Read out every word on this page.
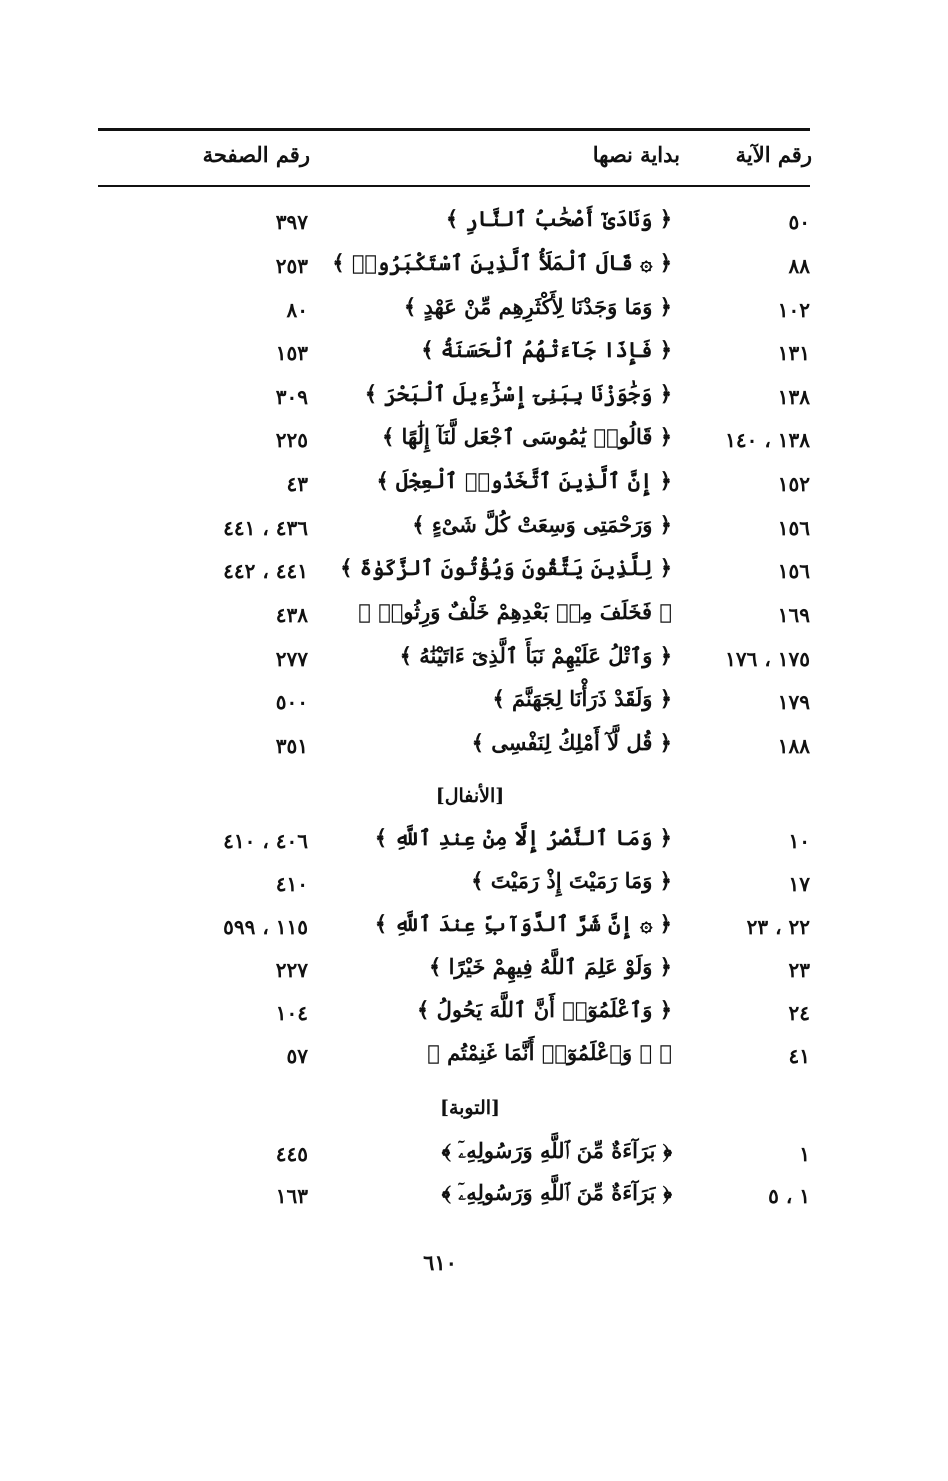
رقم الآية
بداية نصها
رقم الصفحة
٥٠
﴿ وَنَادَىٰٓ أَصْحَٰبُ ٱلنَّارِ ﴾
٣٩٧
٨٨
﴿ ۞ قَالَ ٱلْمَلَأُ ٱلَّذِينَ ٱسْتَكْبَرُوا۟ ﴾
٢٥٣
١٠٢
﴿ وَمَا وَجَدْنَا لِأَكْثَرِهِم مِّنْ عَهْدٍ ﴾
٨٠
١٣١
﴿ فَإِذَا جَآءَتْهُمُ ٱلْحَسَنَةُ ﴾
١٥٣
١٣٨
﴿ وَجَٰوَزْنَا بِبَنِىٓ إِسْرَٰٓءِيلَ ٱلْبَحْرَ ﴾
٣٠٩
١٣٨ ، ١٤٠
﴿ قَالُوا۟ يَٰمُوسَى ٱجْعَل لَّنَآ إِلَٰهًا ﴾
٢٢٥
١٥٢
﴿ إِنَّ ٱلَّذِينَ ٱتَّخَذُوا۟ ٱلْعِجْلَ ﴾
٤٣
١٥٦
﴿ وَرَحْمَتِى وَسِعَتْ كُلَّ شَىْءٍ ﴾
٤٣٦ ، ٤٤١
١٥٦
﴿ لِلَّذِينَ يَتَّقُونَ وَيُؤْتُونَ ٱلزَّكَوٰةَ ﴾
٤٤١ ، ٤٤٢
١٦٩
﴿ فَخَلَفَ مِنۢ بَعْدِهِمْ خَلْفٌ وَرِثُوا۟ ﴾
٤٣٨
١٧٥ ، ١٧٦
﴿ وَٱتْلُ عَلَيْهِمْ نَبَأَ ٱلَّذِىٓ ءَاتَيْنَٰهُ ﴾
٢٧٧
١٧٩
﴿ وَلَقَدْ ذَرَأْنَا لِجَهَنَّمَ ﴾
٥٠٠
١٨٨
﴿ قُل لَّآ أَمْلِكُ لِنَفْسِى ﴾
٣٥١
[الأنفال]
١٠
﴿ وَمَا ٱلنَّصْرُ إِلَّا مِنْ عِندِ ٱللَّهِ ﴾
٤٠٦ ، ٤١٠
١٧
﴿ وَمَا رَمَيْتَ إِذْ رَمَيْتَ ﴾
٤١٠
٢٢ ، ٢٣
﴿ ۞ إِنَّ شَرَّ ٱلدَّوَآبِّ عِندَ ٱللَّهِ ﴾
١١٥ ، ٥٩٩
٢٣
﴿ وَلَوْ عَلِمَ ٱللَّهُ فِيهِمْ خَيْرًا ﴾
٢٢٧
٢٤
﴿ وَٱعْلَمُوٓا۟ أَنَّ ٱللَّهَ يَحُولُ ﴾
١٠٤
٤١
﴿ ۞ وَٱعْلَمُوٓا۟ أَنَّمَا غَنِمْتُم ﴾
٥٧
[التوبة]
١
﴿ بَرَآءَةٌ مِّنَ ٱللَّهِ وَرَسُولِهِۦٓ ﴾
٤٤٥
١ ، ٥
﴿ بَرَآءَةٌ مِّنَ ٱللَّهِ وَرَسُولِهِۦٓ ﴾
١٦٣
٦١٠
